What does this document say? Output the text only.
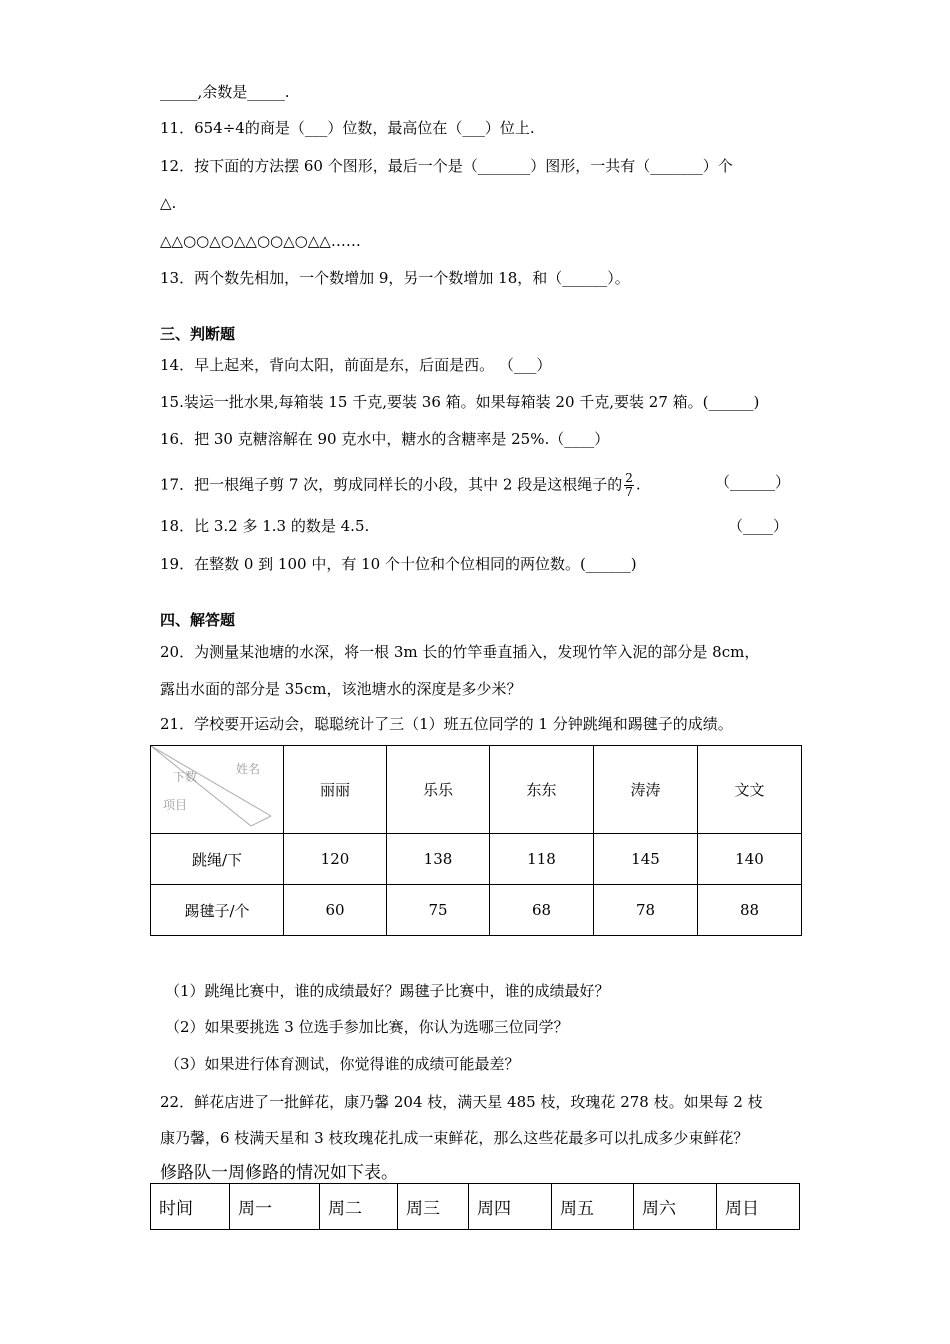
_____,余数是_____.
11．654÷4的商是（___）位数，最高位在（___）位上.
12．按下面的方法摆 60 个图形，最后一个是（_______）图形，一共有（_______）个
△.
△△○○△○△△○○△○△△……
13．两个数先相加，一个数增加 9，另一个数增加 18，和（______）。
三、判断题
14．早上起来，背向太阳，前面是东，后面是西。 （___）
15.装运一批水果,每箱装 15 千克,要装 36 箱。如果每箱装 20 千克,要装 27 箱。(______)
16．把 30 克糖溶解在 90 克水中，糖水的含糖率是 25%.（____）
17．把一根绳子剪 7 次，剪成同样长的小段，其中 2 段是这根绳子的 $\frac{2}{7}$ .	（______）
18．比 3.2 多 1.3 的数是 4.5.	（____）
19．在整数 0 到 100 中，有 10 个十位和个位相同的两位数。(______)
四、解答题
20．为测量某池塘的水深，将一根 3m 长的竹竿垂直插入，发现竹竿入泥的部分是 8cm，
露出水面的部分是 35cm，该池塘水的深度是多少米？
21．学校要开运动会，聪聪统计了三（1）班五位同学的 1 分钟跳绳和踢毽子的成绩。
姓名
下数
项目	丽丽	乐乐	东东	涛涛	文文
跳绳/下	120	138	118	145	140
踢毽子/个	60	75	68	78	88
（1）跳绳比赛中，谁的成绩最好？踢毽子比赛中，谁的成绩最好？
（2）如果要挑选 3 位选手参加比赛，你认为选哪三位同学？
（3）如果进行体育测试，你觉得谁的成绩可能最差？
22．鲜花店进了一批鲜花，康乃馨 204 枝，满天星 485 枝，玫瑰花 278 枝。如果每 2 枝
康乃馨，6 枝满天星和 3 枝玫瑰花扎成一束鲜花，那么这些花最多可以扎成多少束鲜花？
修路队一周修路的情况如下表。
时间	周一	周二	周三	周四	周五	周六	周日
